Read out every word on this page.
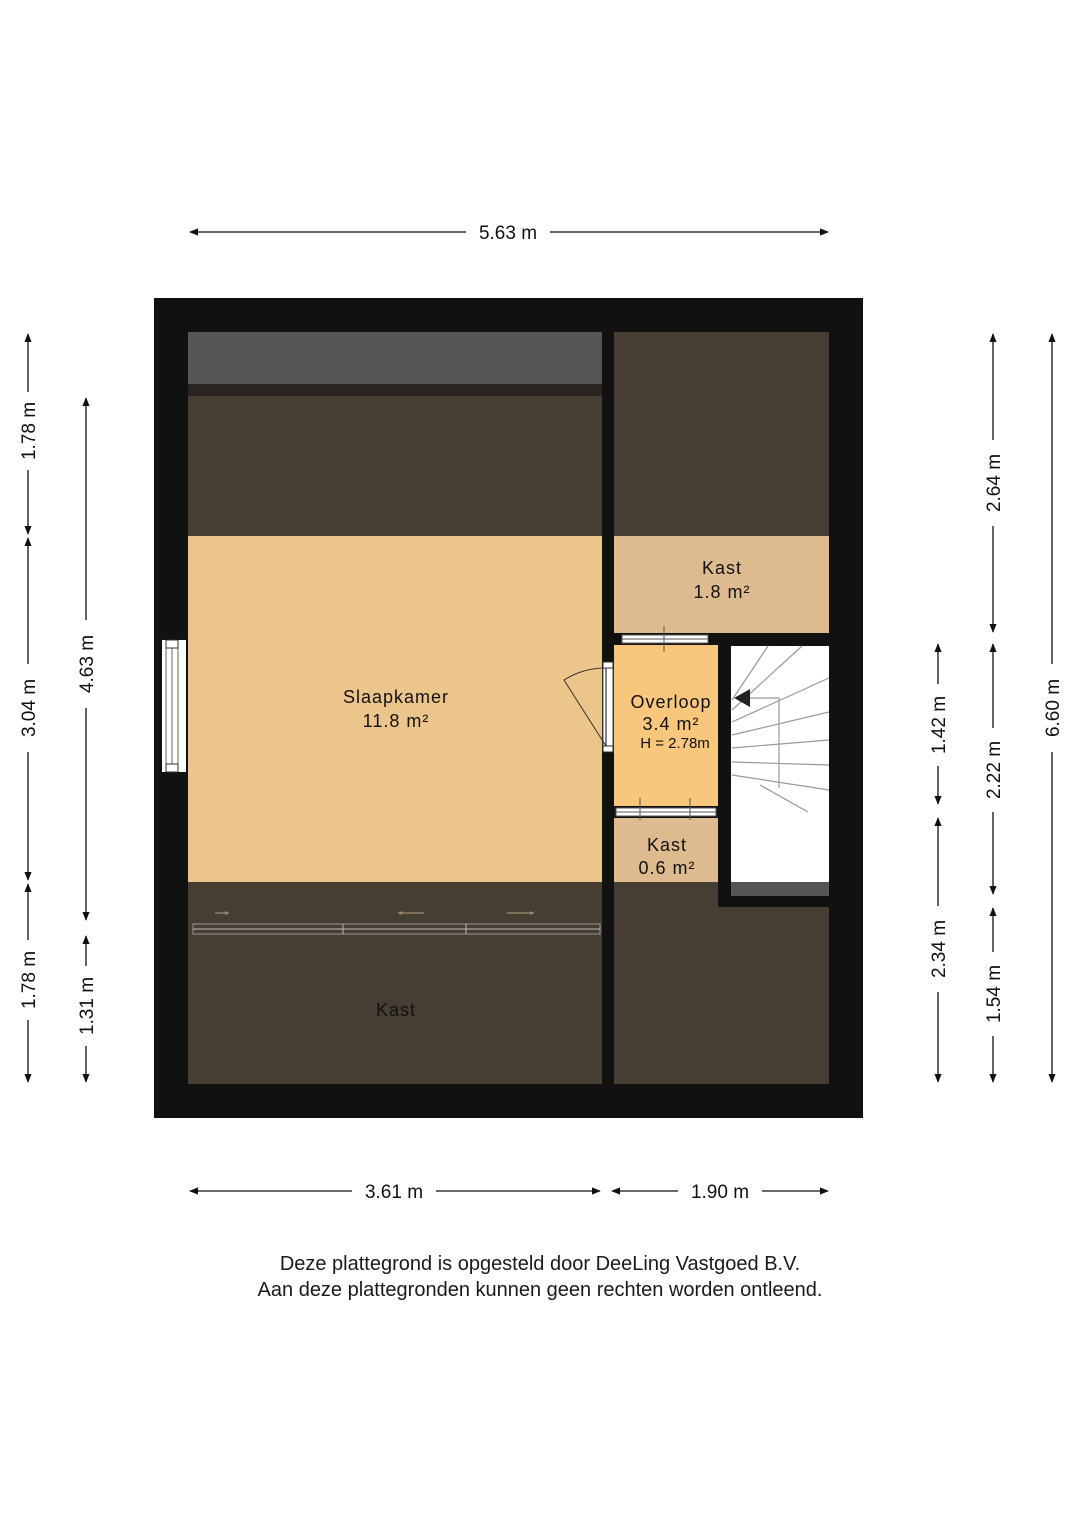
Slaapkamer
11.8 m²
Kast
1.8 m²
Overloop
3.4 m²
H = 2.78m
Kast
0.6 m²
Kast
5.63 m
3.61 m	1.90 m
1.78 m
3.04 m
1.78 m
4.63 m
1.31 m
1.42 m
2.34 m
2.64 m
2.22 m
1.54 m
6.60 m
Deze plattegrond is opgesteld door DeeLing Vastgoed B.V.
Aan deze plattegronden kunnen geen rechten worden ontleend.
